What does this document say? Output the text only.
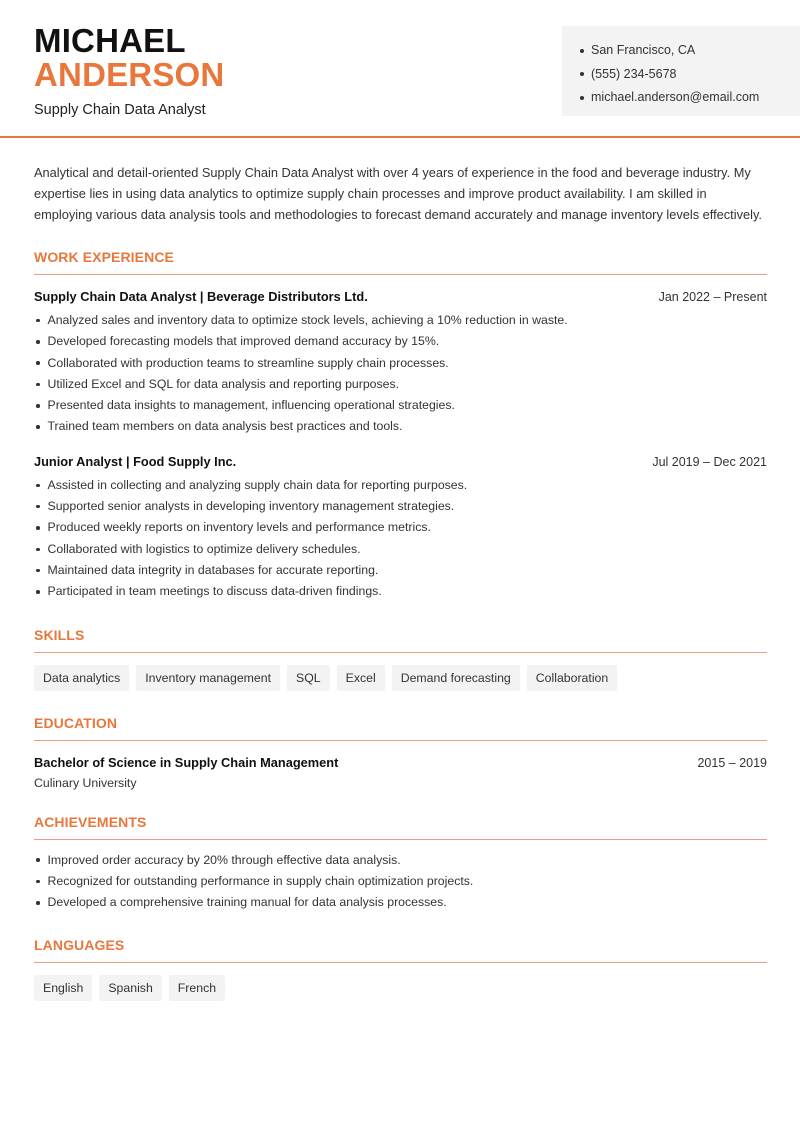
MICHAEL
ANDERSON
Supply Chain Data Analyst
San Francisco, CA
(555) 234-5678
michael.anderson@email.com

Analytical and detail-oriented Supply Chain Data Analyst with over 4 years of experience in the food and beverage industry. My expertise lies in using data analytics to optimize supply chain processes and improve product availability. I am skilled in employing various data analysis tools and methodologies to forecast demand accurately and manage inventory levels effectively.

WORK EXPERIENCE
Supply Chain Data Analyst | Beverage Distributors Ltd.	Jan 2022 – Present
Analyzed sales and inventory data to optimize stock levels, achieving a 10% reduction in waste.
Developed forecasting models that improved demand accuracy by 15%.
Collaborated with production teams to streamline supply chain processes.
Utilized Excel and SQL for data analysis and reporting purposes.
Presented data insights to management, influencing operational strategies.
Trained team members on data analysis best practices and tools.
Junior Analyst | Food Supply Inc.	Jul 2019 – Dec 2021
Assisted in collecting and analyzing supply chain data for reporting purposes.
Supported senior analysts in developing inventory management strategies.
Produced weekly reports on inventory levels and performance metrics.
Collaborated with logistics to optimize delivery schedules.
Maintained data integrity in databases for accurate reporting.
Participated in team meetings to discuss data-driven findings.
SKILLS
Data analytics	Inventory management	SQL	Excel	Demand forecasting	Collaboration
EDUCATION
Bachelor of Science in Supply Chain Management	2015 – 2019
Culinary University
ACHIEVEMENTS
Improved order accuracy by 20% through effective data analysis.
Recognized for outstanding performance in supply chain optimization projects.
Developed a comprehensive training manual for data analysis processes.
LANGUAGES
English	Spanish	French
